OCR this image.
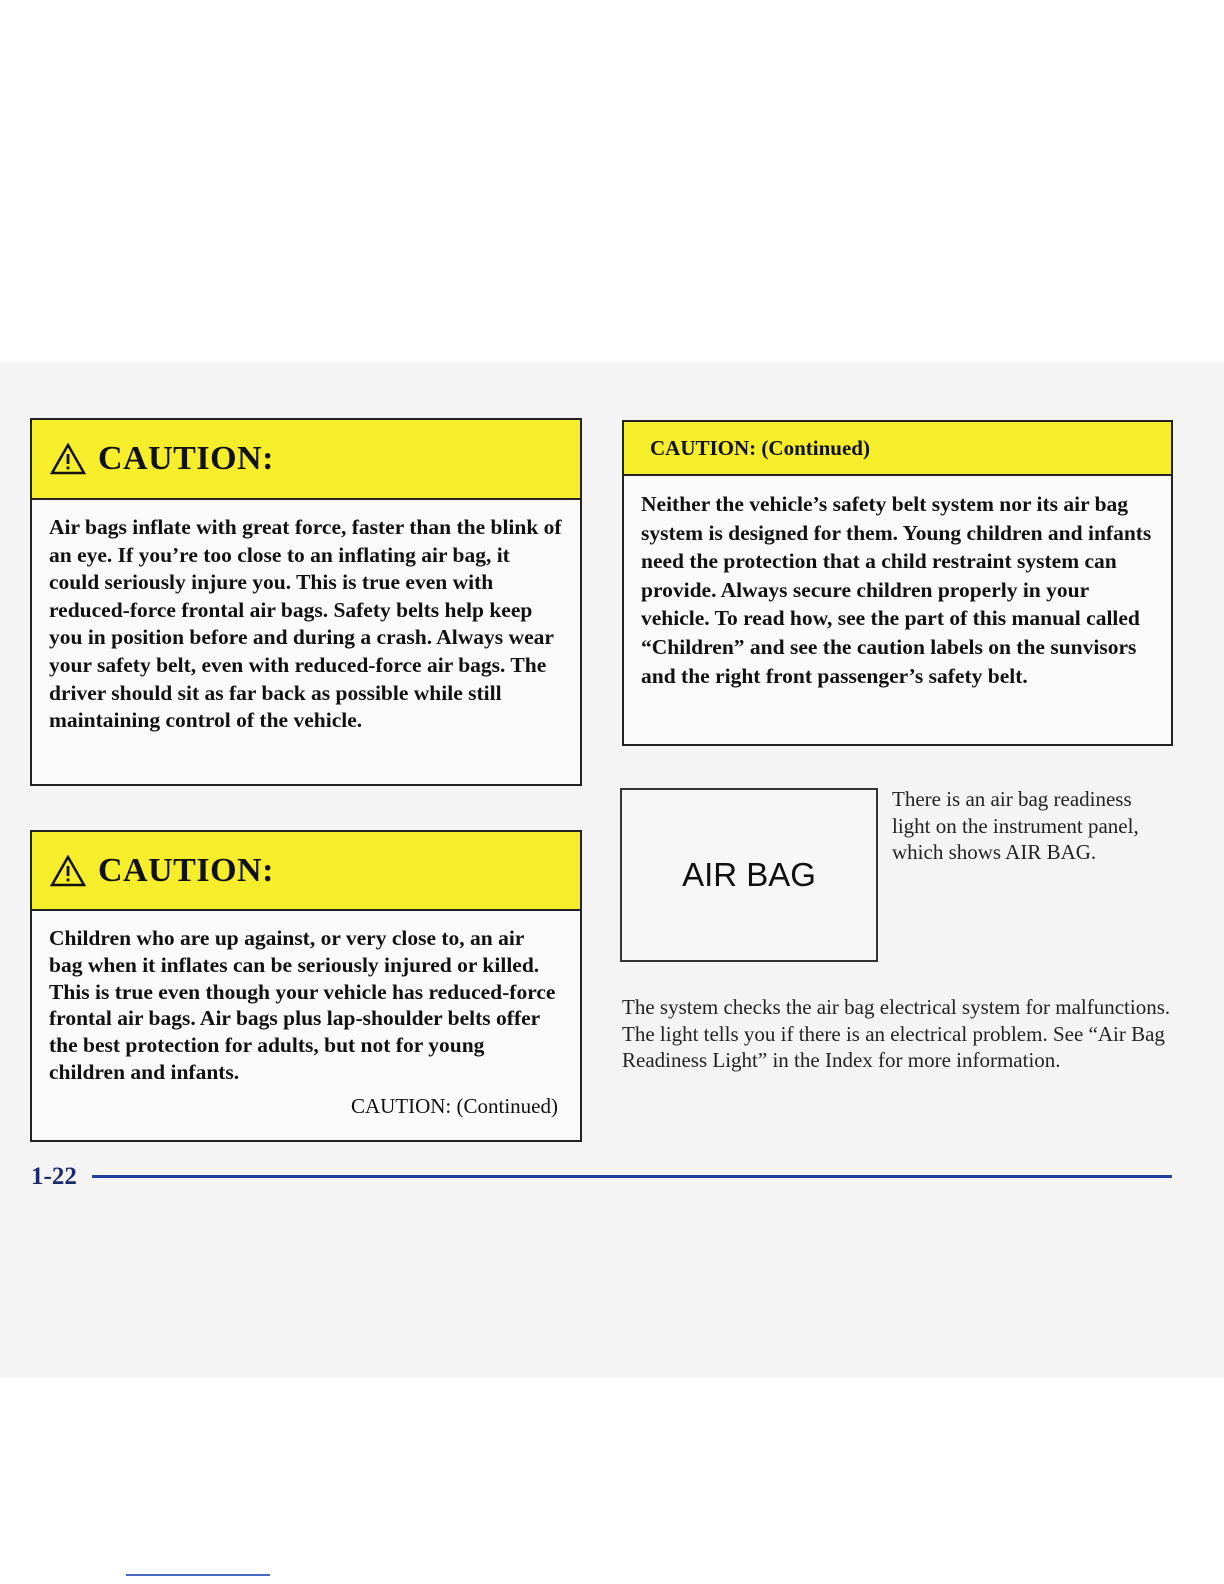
CAUTION:
Air bags inflate with great force, faster than the blink of an eye. If you’re too close to an inflating air bag, it could seriously injure you. This is true even with reduced-force frontal air bags. Safety belts help keep you in position before and during a crash. Always wear your safety belt, even with reduced-force air bags. The driver should sit as far back as possible while still maintaining control of the vehicle.
CAUTION:
Children who are up against, or very close to, an air bag when it inflates can be seriously injured or killed. This is true even though your vehicle has reduced-force frontal air bags. Air bags plus lap-shoulder belts offer the best protection for adults, but not for young children and infants.
CAUTION: (Continued)
CAUTION: (Continued)
Neither the vehicle’s safety belt system nor its air bag system is designed for them. Young children and infants need the protection that a child restraint system can provide. Always secure children properly in your vehicle. To read how, see the part of this manual called “Children” and see the caution labels on the sunvisors and the right front passenger’s safety belt.
AIR BAG
There is an air bag readiness light on the instrument panel, which shows AIR BAG.
The system checks the air bag electrical system for malfunctions. The light tells you if there is an electrical problem. See “Air Bag Readiness Light” in the Index for more information.
1-22
